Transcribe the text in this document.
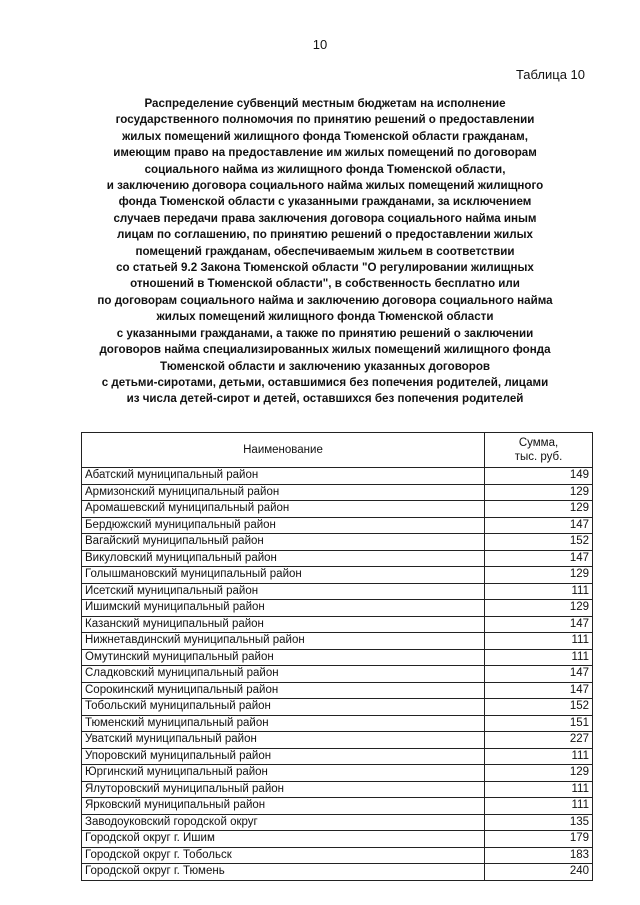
10
Таблица 10
Распределение субвенций местным бюджетам на исполнение
государственного полномочия по принятию решений о предоставлении
жилых помещений жилищного фонда Тюменской области гражданам,
имеющим право на предоставление им жилых помещений по договорам
социального найма из жилищного фонда Тюменской области,
и заключению договора социального найма жилых помещений жилищного
фонда Тюменской области с указанными гражданами, за исключением
случаев передачи права заключения договора социального найма иным
лицам по соглашению, по принятию решений о предоставлении жилых
помещений гражданам, обеспечиваемым жильем в соответствии
со статьей 9.2 Закона Тюменской области "О регулировании жилищных
отношений в Тюменской области", в собственность бесплатно или
по договорам социального найма и заключению договора социального найма
жилых помещений жилищного фонда Тюменской области
с указанными гражданами, а также по принятию решений о заключении
договоров найма специализированных жилых помещений жилищного фонда
Тюменской области и заключению указанных договоров
с детьми-сиротами, детьми, оставшимися без попечения родителей, лицами
из числа детей-сирот и детей, оставшихся без попечения родителей
Наименование	Сумма,
тыс. руб.
Абатский муниципальный район	149
Армизонский муниципальный район	129
Аромашевский муниципальный район	129
Бердюжский муниципальный район	147
Вагайский муниципальный район	152
Викуловский муниципальный район	147
Голышмановский муниципальный район	129
Исетский муниципальный район	111
Ишимский муниципальный район	129
Казанский муниципальный район	147
Нижнетавдинский муниципальный район	111
Омутинский муниципальный район	111
Сладковский муниципальный район	147
Сорокинский муниципальный район	147
Тобольский муниципальный район	152
Тюменский муниципальный район	151
Уватский муниципальный район	227
Упоровский муниципальный район	111
Юргинский муниципальный район	129
Ялуторовский муниципальный район	111
Ярковский муниципальный район	111
Заводоуковский городской округ	135
Городской округ г. Ишим	179
Городской округ г. Тобольск	183
Городской округ г. Тюмень	240
